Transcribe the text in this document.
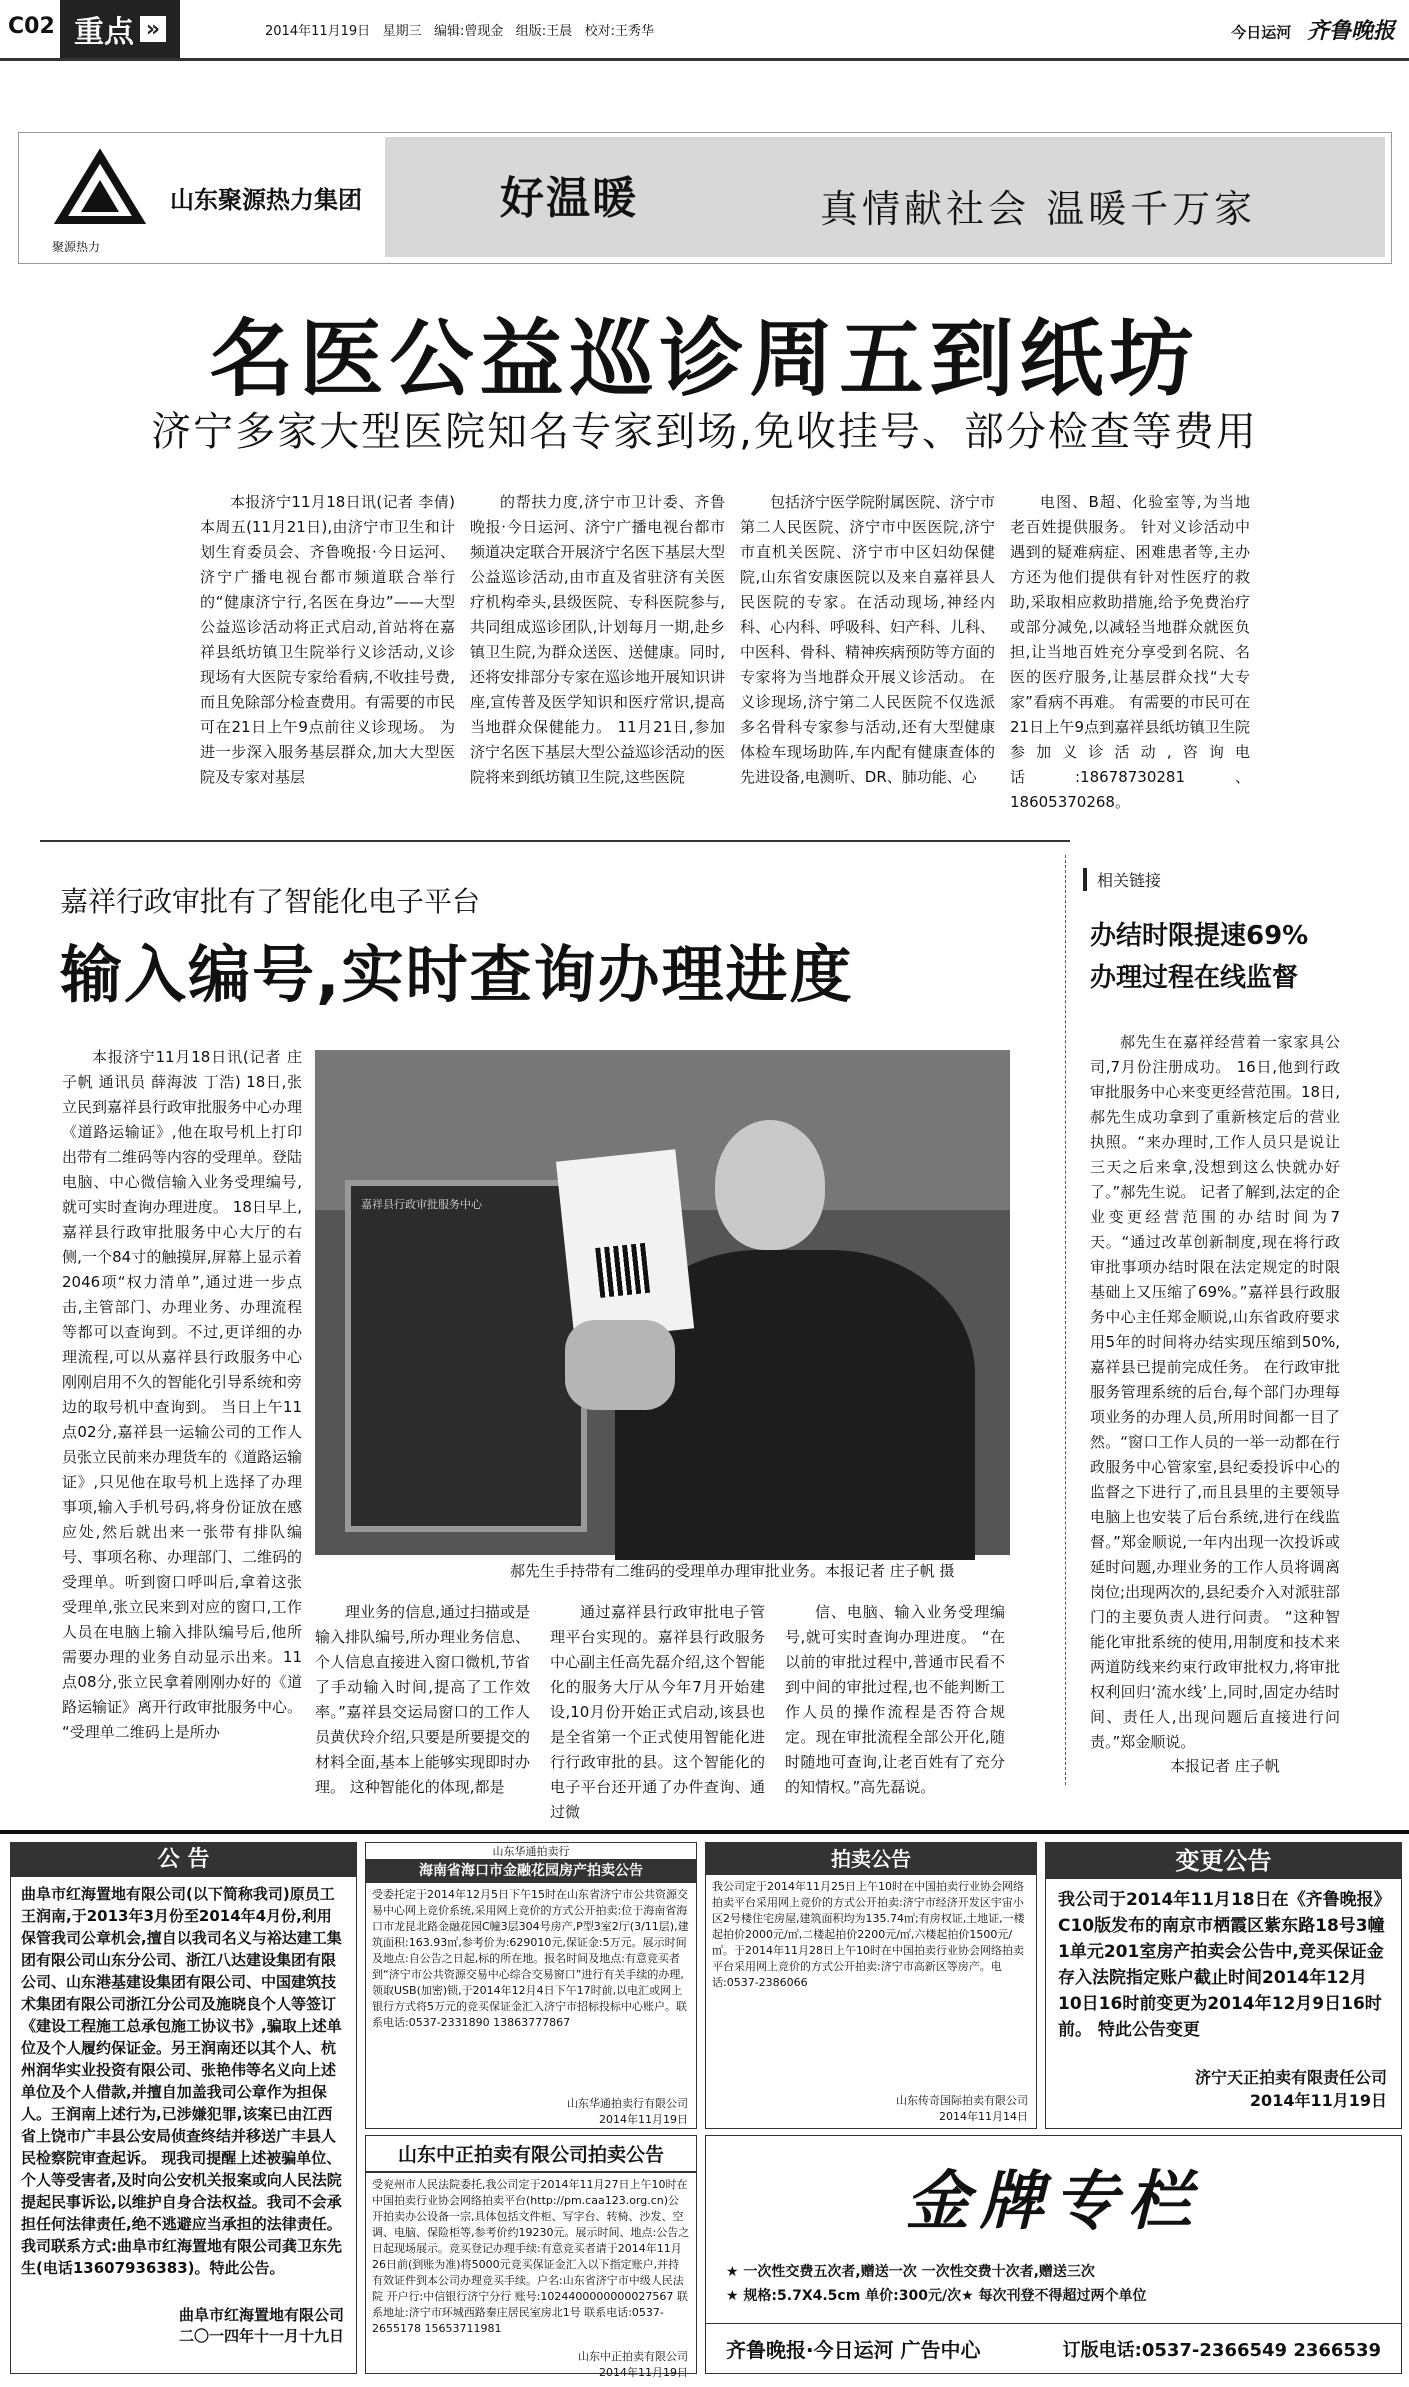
C02 重点 »	2014年11月19日 星期三 编辑:曾现金 组版:王晨 校对:王秀华	今日运河 齐鲁晚报
聚源热力
山东聚源热力集团	好温暖	真情献社会 温暖千万家
名医公益巡诊周五到纸坊
济宁多家大型医院知名专家到场,免收挂号、部分检查等费用

本报济宁11月18日讯(记者 李倩) 本周五(11月21日),由济宁市卫生和计划生育委员会、齐鲁晚报·今日运河、济宁广播电视台都市频道联合举行的“健康济宁行,名医在身边”——大型公益巡诊活动将正式启动,首站将在嘉祥县纸坊镇卫生院举行义诊活动,义诊现场有大医院专家给看病,不收挂号费,而且免除部分检查费用。有需要的市民可在21日上午9点前往义诊现场。 为进一步深入服务基层群众,加大大型医院及专家对基层

的帮扶力度,济宁市卫计委、齐鲁晚报·今日运河、济宁广播电视台都市频道决定联合开展济宁名医下基层大型公益巡诊活动,由市直及省驻济有关医疗机构牵头,县级医院、专科医院参与,共同组成巡诊团队,计划每月一期,赴乡镇卫生院,为群众送医、送健康。同时,还将安排部分专家在巡诊地开展知识讲座,宣传普及医学知识和医疗常识,提高当地群众保健能力。 11月21日,参加济宁名医下基层大型公益巡诊活动的医院将来到纸坊镇卫生院,这些医院

包括济宁医学院附属医院、济宁市第二人民医院、济宁市中医医院,济宁市直机关医院、济宁市中区妇幼保健院,山东省安康医院以及来自嘉祥县人民医院的专家。在活动现场,神经内科、心内科、呼吸科、妇产科、儿科、中医科、骨科、精神疾病预防等方面的专家将为当地群众开展义诊活动。 在义诊现场,济宁第二人民医院不仅选派多名骨科专家参与活动,还有大型健康体检车现场助阵,车内配有健康查体的先进设备,电测听、DR、肺功能、心

电图、B超、化验室等,为当地老百姓提供服务。 针对义诊活动中遇到的疑难病症、困难患者等,主办方还为他们提供有针对性医疗的救助,采取相应救助措施,给予免费治疗或部分减免,以减轻当地群众就医负担,让当地百姓充分享受到名院、名医的医疗服务,让基层群众找“大专家”看病不再难。 有需要的市民可在21日上午9点到嘉祥县纸坊镇卫生院参加义诊活动,咨询电话:18678730281、18605370268。

嘉祥行政审批有了智能化电子平台
输入编号,实时查询办理进度

本报济宁11月18日讯(记者 庄子帆 通讯员 薛海波 丁浩) 18日,张立民到嘉祥县行政审批服务中心办理《道路运输证》,他在取号机上打印出带有二维码等内容的受理单。登陆电脑、中心微信输入业务受理编号,就可实时查询办理进度。 18日早上,嘉祥县行政审批服务中心大厅的右侧,一个84寸的触摸屏,屏幕上显示着2046项“权力清单”,通过进一步点击,主管部门、办理业务、办理流程等都可以查询到。不过,更详细的办理流程,可以从嘉祥县行政服务中心刚刚启用不久的智能化引导系统和旁边的取号机中查询到。 当日上午11点02分,嘉祥县一运输公司的工作人员张立民前来办理货车的《道路运输证》,只见他在取号机上选择了办理事项,输入手机号码,将身份证放在感应处,然后就出来一张带有排队编号、事项名称、办理部门、二维码的受理单。听到窗口呼叫后,拿着这张受理单,张立民来到对应的窗口,工作人员在电脑上输入排队编号后,他所需要办理的业务自动显示出来。11点08分,张立民拿着刚刚办好的《道路运输证》离开行政审批服务中心。 “受理单二维码上是所办

嘉祥县行政审批服务中心
郝先生手持带有二维码的受理单办理审批业务。本报记者 庄子帆 摄

理业务的信息,通过扫描或是输入排队编号,所办理业务信息、个人信息直接进入窗口微机,节省了手动输入时间,提高了工作效率。”嘉祥县交运局窗口的工作人员黄伏玲介绍,只要是所要提交的材料全面,基本上能够实现即时办理。 这种智能化的体现,都是

通过嘉祥县行政审批电子管理平台实现的。嘉祥县行政服务中心副主任高先磊介绍,这个智能化的服务大厅从今年7月开始建设,10月份开始正式启动,该县也是全省第一个正式使用智能化进行行政审批的县。这个智能化的电子平台还开通了办件查询、通过微

信、电脑、输入业务受理编号,就可实时查询办理进度。 “在以前的审批过程中,普通市民看不到中间的审批过程,也不能判断工作人员的操作流程是否符合规定。现在审批流程全部公开化,随时随地可查询,让老百姓有了充分的知情权。”高先磊说。

相关链接
办结时限提速69%
办理过程在线监督

郝先生在嘉祥经营着一家家具公司,7月份注册成功。 16日,他到行政审批服务中心来变更经营范围。18日,郝先生成功拿到了重新核定后的营业执照。“来办理时,工作人员只是说让三天之后来拿,没想到这么快就办好了。”郝先生说。 记者了解到,法定的企业变更经营范围的办结时间为7天。“通过改革创新制度,现在将行政审批事项办结时限在法定规定的时限基础上又压缩了69%。”嘉祥县行政服务中心主任郑金顺说,山东省政府要求用5年的时间将办结实现压缩到50%,嘉祥县已提前完成任务。 在行政审批服务管理系统的后台,每个部门办理每项业务的办理人员,所用时间都一目了然。“窗口工作人员的一举一动都在行政服务中心管家室,县纪委投诉中心的监督之下进行了,而且县里的主要领导电脑上也安装了后台系统,进行在线监督。”郑金顺说,一年内出现一次投诉或延时问题,办理业务的工作人员将调离岗位;出现两次的,县纪委介入对派驻部门的主要负责人进行问责。 “这种智能化审批系统的使用,用制度和技术来两道防线来约束行政审批权力,将审批权利回归‘流水线’上,同时,固定办结时间、责任人,出现问题后直接进行问责。”郑金顺说。

本报记者 庄子帆
公 告
曲阜市红海置地有限公司(以下简称我司)原员工王润南,于2013年3月份至2014年4月份,利用保管我司公章机会,擅自以我司名义与裕达建工集团有限公司山东分公司、浙江八达建设集团有限公司、山东港基建设集团有限公司、中国建筑技术集团有限公司浙江分公司及施晓良个人等签订《建设工程施工总承包施工协议书》,骗取上述单位及个人履约保证金。另王润南还以其个人、杭州润华实业投资有限公司、张艳伟等名义向上述单位及个人借款,并擅自加盖我司公章作为担保人。王润南上述行为,已涉嫌犯罪,该案已由江西省上饶市广丰县公安局侦查终结并移送广丰县人民检察院审查起诉。 现我司提醒上述被骗单位、个人等受害者,及时向公安机关报案或向人民法院提起民事诉讼,以维护自身合法权益。我司不会承担任何法律责任,绝不逃避应当承担的法律责任。我司联系方式:曲阜市红海置地有限公司龚卫东先生(电话13607936383)。特此公告。
曲阜市红海置地有限公司
二〇一四年十一月十九日
山东华通拍卖行
海南省海口市金融花园房产拍卖公告
受委托定于2014年12月5日下午15时在山东省济宁市公共资源交易中心网上竞价系统,采用网上竞价的方式公开拍卖:位于海南省海口市龙昆北路金融花园C幢3层304号房产,P型3室2厅(3/11层),建筑面积:163.93㎡,参考价为:629010元,保证金:5万元。展示时间及地点:自公告之日起,标的所在地。报名时间及地点:有意竞买者到“济宁市公共资源交易中心综合交易窗口”进行有关手续的办理,领取USB(加密)锁,于2014年12月4日下午17时前,以电汇或网上银行方式将5万元的竞买保证金汇入济宁市招标投标中心账户。联系电话:0537-2331890 13863777867
山东华通拍卖行有限公司
2014年11月19日
拍卖公告
我公司定于2014年11月25日上午10时在中国拍卖行业协会网络拍卖平台采用网上竞价的方式公开拍卖:济宁市经济开发区宇宙小区2号楼住宅房屋,建筑面积均为135.74㎡;有房权证,土地证,一楼起拍价2000元/㎡,二楼起拍价2200元/㎡,六楼起拍价1500元/㎡。于2014年11月28日上午10时在中国拍卖行业协会网络拍卖平台采用网上竞价的方式公开拍卖:济宁市高新区等房产。电话:0537-2386066
山东传奇国际拍卖有限公司
2014年11月14日
变更公告
我公司于2014年11月18日在《齐鲁晚报》C10版发布的南京市栖霞区紫东路18号3幢1单元201室房产拍卖会公告中,竞买保证金存入法院指定账户截止时间2014年12月10日16时前变更为2014年12月9日16时前。 特此公告变更
济宁天正拍卖有限责任公司
2014年11月19日
山东中正拍卖有限公司拍卖公告
受兖州市人民法院委托,我公司定于2014年11月27日上午10时在中国拍卖行业协会网络拍卖平台(http://pm.caa123.org.cn)公开拍卖办公设备一宗,具体包括文件柜、写字台、转椅、沙发、空调、电脑、保险柜等,参考价约19230元。展示时间、地点:公告之日起现场展示。竞买登记办理手续:有意竞买者请于2014年11月26日前(到账为准)将5000元竞买保证金汇入以下指定账户,并持有效证件到本公司办理竞买手续。户名:山东省济宁市中级人民法院 开户行:中信银行济宁分行 账号:1024400000000027567 联系地址:济宁市环城西路秦庄居民室房北1号 联系电话:0537-2655178 15653711981
山东中正拍卖有限公司
2014年11月19日
金牌专栏
★ 一次性交费五次者,赠送一次 一次性交费十次者,赠送三次
★ 规格:5.7X4.5cm 单价:300元/次★ 每次刊登不得超过两个单位
齐鲁晚报·今日运河 广告中心	订版电话:0537-2366549 2366539
